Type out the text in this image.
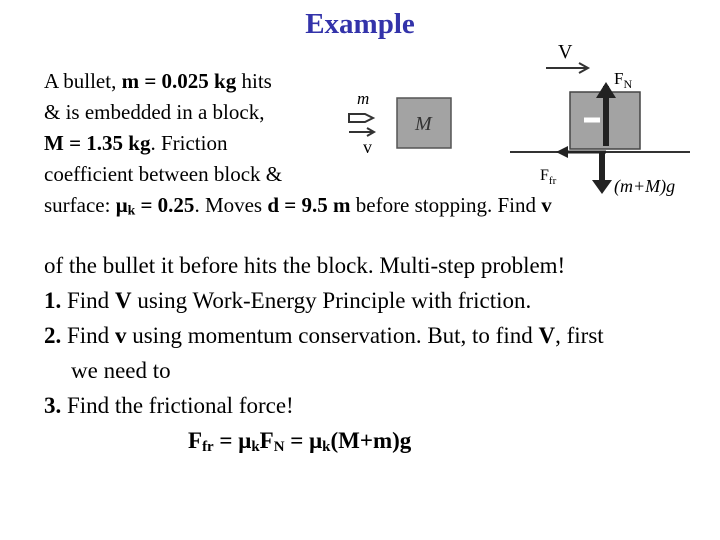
Example
m
v
M
V
$F_N$
$F_{fr}$	(m+M)g
A bullet, m = 0.025 kg hits
& is embedded in a block,
M = 1.35 kg. Friction
coefficient between block &
surface: $\mu_k = 0.25$. Moves d = 9.5 m before stopping. Find v
of the bullet it before hits the block. Multi-step problem!
1. Find V using Work-Energy Principle with friction.
2. Find v using momentum conservation. But, to find V, first
we need to
3. Find the frictional force!
$F_{fr} = \mu_kF_N = \mu_k(M+m)g$
